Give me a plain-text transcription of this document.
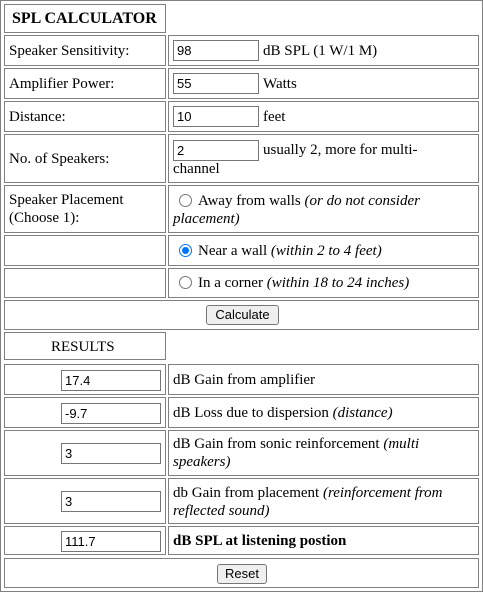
SPL CALCULATOR
Speaker Sensitivity:
98	dB SPL (1 W/1 M)
Amplifier Power:
55	Watts
Distance:
10	feet
No. of Speakers:
2
usually 2, more for multi-
channel
Speaker Placement
(Choose 1):
Away from walls (or do not consider
placement)
Near a wall (within 2 to 4 feet)
In a corner (within 18 to 24 inches)
Calculate
RESULTS
17.4
dB Gain from amplifier
-9.7
dB Loss due to dispersion (distance)
3
dB Gain from sonic reinforcement (multi
speakers)
3
db Gain from placement (reinforcement from
reflected sound)
111.7
dB SPL at listening postion
Reset
